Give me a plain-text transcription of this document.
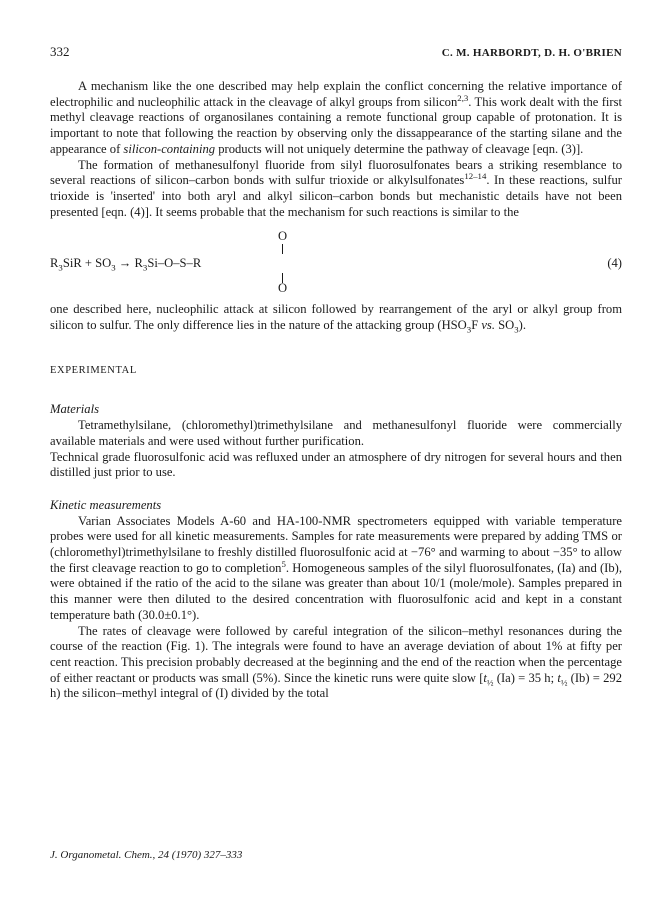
332	C. M. HARBORDT, D. H. O'BRIEN

A mechanism like the one described may help explain the conflict concerning the relative importance of electrophilic and nucleophilic attack in the cleavage of alkyl groups from silicon$^{2,3}$. This work dealt with the first methyl cleavage reactions of organosilanes containing a remote functional group capable of protonation. It is important to note that following the reaction by observing only the dissappearance of the starting silane and the appearance of silicon-containing products will not uniquely determine the pathway of cleavage [eqn. (3)].

The formation of methanesulfonyl fluoride from silyl fluorosulfonates bears a striking resemblance to several reactions of silicon–carbon bonds with sulfur trioxide or alkylsulfonates$^{12-14}$. In these reactions, sulfur trioxide is 'inserted' into both aryl and alkyl silicon–carbon bonds but mechanistic details have not been presented [eqn. (4)]. It seems probable that the mechanism for such reactions is similar to the

O
$R_3SiR + SO_3 \to R_3Si-O-S-R$
O
(4)

one described here, nucleophilic attack at silicon followed by rearrangement of the aryl or alkyl group from silicon to sulfur. The only difference lies in the nature of the attacking group ($HSO_3F$ vs. $SO_3$).

EXPERIMENTAL
Materials

Tetramethylsilane, (chloromethyl)trimethylsilane and methanesulfonyl fluoride were commercially available materials and were used without further purification.

Technical grade fluorosulfonic acid was refluxed under an atmosphere of dry nitrogen for several hours and then distilled just prior to use.

Kinetic measurements

Varian Associates Models A-60 and HA-100-NMR spectrometers equipped with variable temperature probes were used for all kinetic measurements. Samples for rate measurements were prepared by adding TMS or (chloromethyl)trimethylsilane to freshly distilled fluorosulfonic acid at −76° and warming to about −35° to allow the first cleavage reaction to go to completion$^5$. Homogeneous samples of the silyl fluorosulfonates, (Ia) and (Ib), were obtained if the ratio of the acid to the silane was greater than about 10/1 (mole/mole). Samples prepared in this manner were then diluted to the desired concentration with fluorosulfonic acid and kept in a constant temperature bath (30.0±0.1°).

The rates of cleavage were followed by careful integration of the silicon–methyl resonances during the course of the reaction (Fig. 1). The integrals were found to have an average deviation of about 1% at fifty per cent reaction. This precision probably decreased at the beginning and the end of the reaction when the percentage of either reactant or products was small (5%). Since the kinetic runs were quite slow [$t_{\frac{1}{2}}$ (Ia) = 35 h; $t_{\frac{1}{2}}$ (Ib) = 292 h) the silicon–methyl integral of (I) divided by the total

J. Organometal. Chem., 24 (1970) 327–333
